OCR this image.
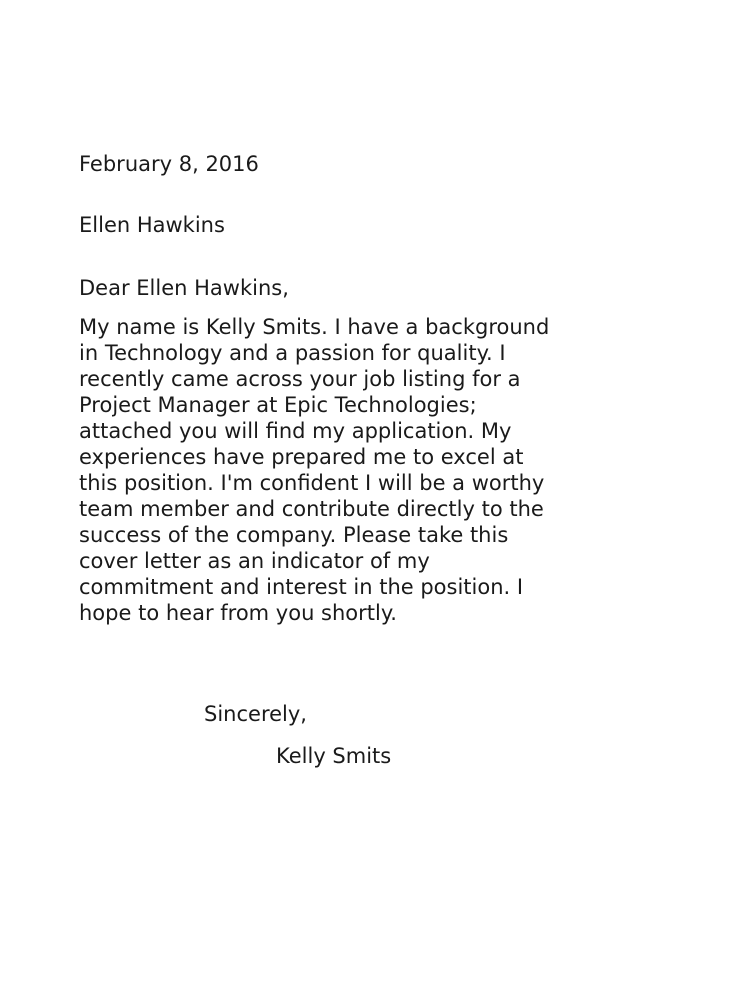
February 8, 2016
Ellen Hawkins
Dear Ellen Hawkins,
My name is Kelly Smits. I have a background
in Technology and a passion for quality. I
recently came across your job listing for a
Project Manager at Epic Technologies;
attached you will find my application. My
experiences have prepared me to excel at
this position. I'm confident I will be a worthy
team member and contribute directly to the
success of the company. Please take this
cover letter as an indicator of my
commitment and interest in the position. I
hope to hear from you shortly.
Sincerely,
Kelly Smits
